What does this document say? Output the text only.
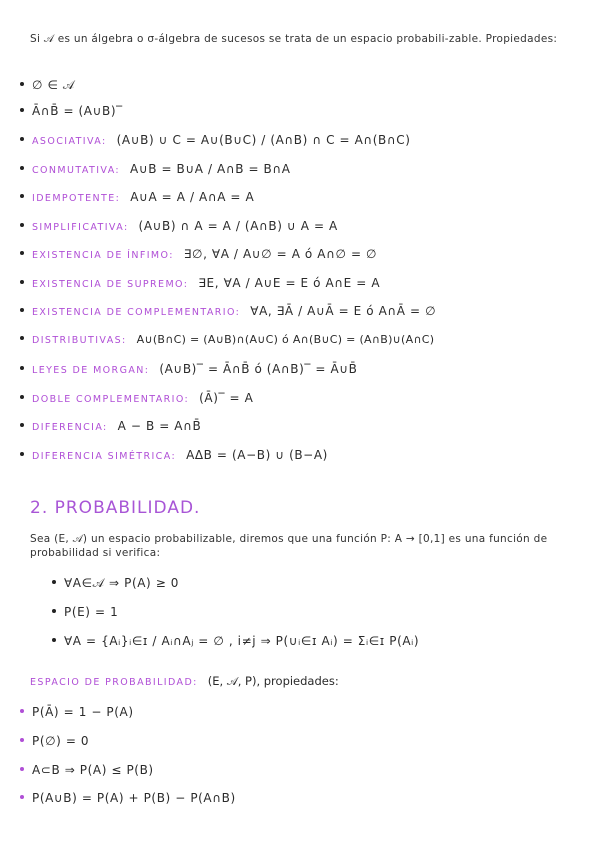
Si 𝒜 es un álgebra o σ-álgebra de sucesos se trata de un espacio probabili-zable. Propiedades:
∅ ∈ 𝒜
Ā∩B̄ = (A∪B)‾
ASOCIATIVA: (A∪B) ∪ C = A∪(B∪C) / (A∩B) ∩ C = A∩(B∩C)
CONMUTATIVA: A∪B = B∪A / A∩B = B∩A
IDEMPOTENTE: A∪A = A / A∩A = A
SIMPLIFICATIVA: (A∪B) ∩ A = A / (A∩B) ∪ A = A
EXISTENCIA DE ÍNFIMO: ∃∅, ∀A / A∪∅ = A ó A∩∅ = ∅
EXISTENCIA DE SUPREMO: ∃E, ∀A / A∪E = E ó A∩E = A
EXISTENCIA DE COMPLEMENTARIO: ∀A, ∃Ā / A∪Ā = E ó A∩Ā = ∅
DISTRIBUTIVAS: A∪(B∩C) = (A∪B)∩(A∪C) ó A∩(B∪C) = (A∩B)∪(A∩C)
LEYES DE MORGAN: (A∪B)‾ = Ā∩B̄ ó (A∩B)‾ = Ā∪B̄
DOBLE COMPLEMENTARIO: (Ā)‾ = A
DIFERENCIA: A − B = A∩B̄
DIFERENCIA SIMÉTRICA: AΔB = (A−B) ∪ (B−A)
2. PROBABILIDAD.
Sea (E, 𝒜) un espacio probabilizable, diremos que una función P: A → [0,1] es una función de probabilidad si verifica:
∀A∈𝒜 ⇒ P(A) ≥ 0
P(E) = 1
∀A = {Aᵢ}ᵢ∈ɪ / Aᵢ∩Aⱼ = ∅ , i≠j ⇒ P(∪ᵢ∈ɪ Aᵢ) = Σᵢ∈ɪ P(Aᵢ)
ESPACIO DE PROBABILIDAD: (E, 𝒜, P), propiedades:
P(Ā) = 1 − P(A)
P(∅) = 0
A⊂B ⇒ P(A) ≤ P(B)
P(A∪B) = P(A) + P(B) − P(A∩B)
